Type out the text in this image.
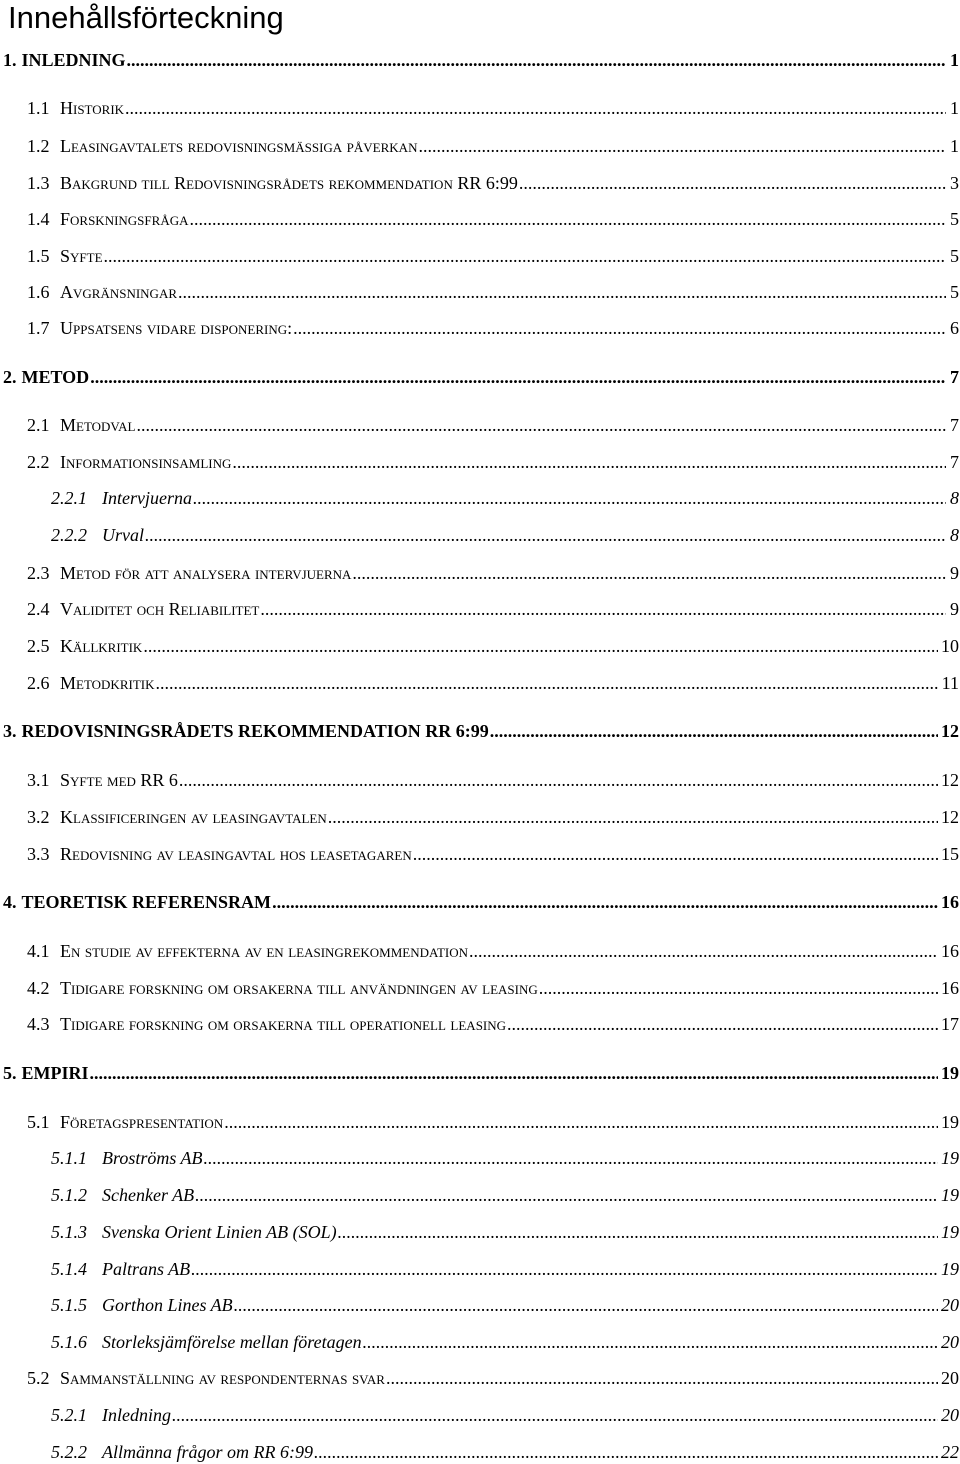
Innehållsförteckning
1. INLEDNING .....	1
1.1 Historik .....	1
1.2 Leasingavtalets redovisningsmässiga påverkan .....	1
1.3 Bakgrund till Redovisningsrådets rekommendation RR 6:99 .....	3
1.4 Forskningsfråga .....	5
1.5 Syfte .....	5
1.6 Avgränsningar .....	5
1.7 Uppsatsens vidare disponering: .....	6
2. METOD .....	7
2.1 Metodval .....	7
2.2 Informationsinsamling .....	7
2.2.1 Intervjuerna .....	8
2.2.2 Urval .....	8
2.3 Metod för att analysera intervjuerna .....	9
2.4 Validitet och Reliabilitet .....	9
2.5 Källkritik .....	10
2.6 Metodkritik .....	11
3. REDOVISNINGSRÅDETS REKOMMENDATION RR 6:99 .....	12
3.1 Syfte med RR 6 .....	12
3.2 Klassificeringen av leasingavtalen .....	12
3.3 Redovisning av leasingavtal hos leasetagaren .....	15
4. TEORETISK REFERENSRAM .....	16
4.1 En studie av effekterna av en leasingrekommendation .....	16
4.2 Tidigare forskning om orsakerna till användningen av leasing .....	16
4.3 Tidigare forskning om orsakerna till operationell leasing .....	17
5. EMPIRI .....	19
5.1 Företagspresentation .....	19
5.1.1 Broströms AB .....	19
5.1.2 Schenker AB .....	19
5.1.3 Svenska Orient Linien AB (SOL) .....	19
5.1.4 Paltrans AB .....	19
5.1.5 Gorthon Lines AB .....	20
5.1.6 Storleksjämförelse mellan företagen .....	20
5.2 Sammanställning av respondenternas svar .....	20
5.2.1 Inledning .....	20
5.2.2 Allmänna frågor om RR 6:99 .....	22
